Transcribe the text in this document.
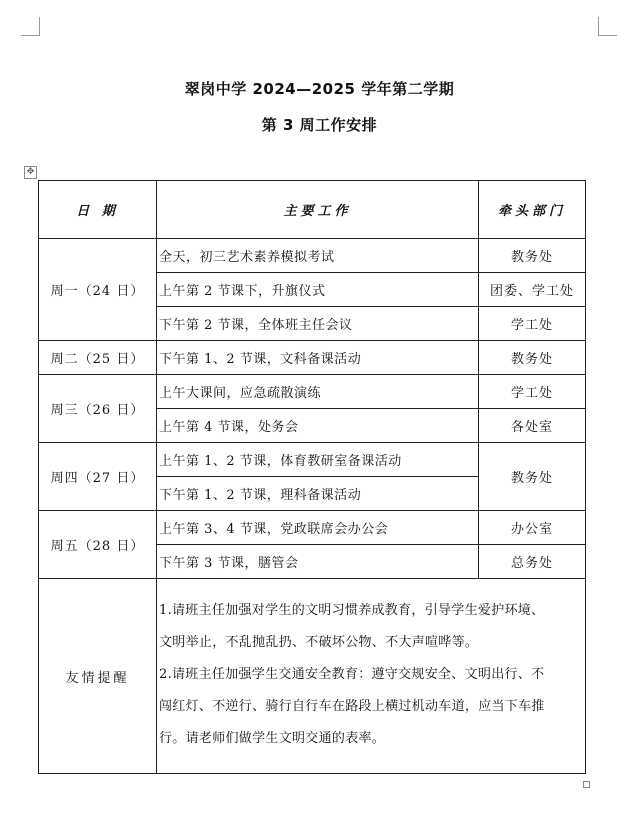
翠岗中学 2024—2025 学年第二学期
第 3 周工作安排
✥
日 期	主要工作	牵头部门
周一（24 日）	全天，初三艺术素养模拟考试	教务处
	上午第 2 节课下，升旗仪式	团委、学工处
	下午第 2 节课，全体班主任会议	学工处
周二（25 日）	下午第 1、2 节课，文科备课活动	教务处
周三（26 日）	上午大课间，应急疏散演练	学工处
	上午第 4 节课，处务会	各处室
周四（27 日）	上午第 1、2 节课，体育教研室备课活动	教务处
	下午第 1、2 节课，理科备课活动	
周五（28 日）	上午第 3、4 节课，党政联席会办公会	办公室
	下午第 3 节课，膳管会	总务处
友情提醒	1.请班主任加强对学生的文明习惯养成教育，引导学生爱护环境、

文明举止，不乱抛乱扔、不破坏公物、不大声喧哗等。

2.请班主任加强学生交通安全教育：遵守交规安全、文明出行、不

闯红灯、不逆行、骑行自行车在路段上横过机动车道，应当下车推

行。请老师们做学生文明交通的表率。	
